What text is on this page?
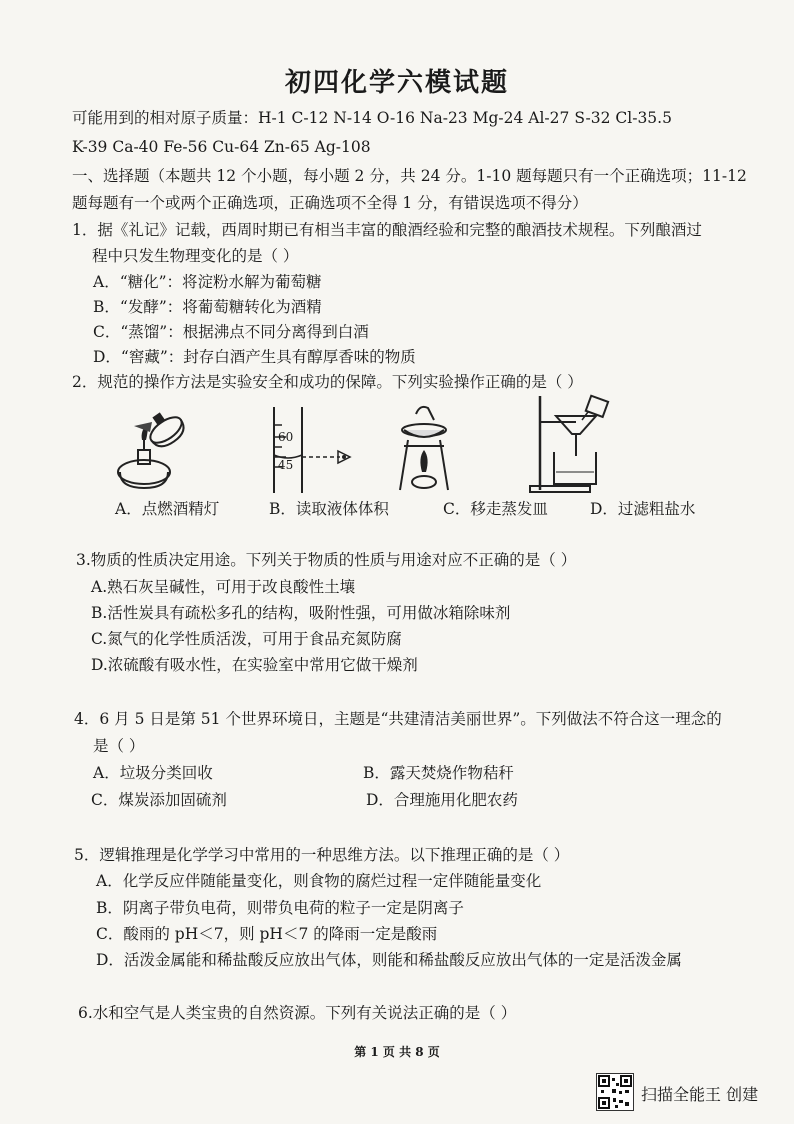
初四化学六模试题
可能用到的相对原子质量：H-1 C-12 N-14 O-16 Na-23 Mg-24 Al-27 S-32 Cl-35.5
K-39 Ca-40 Fe-56 Cu-64 Zn-65 Ag-108
一、选择题（本题共 12 个小题，每小题 2 分，共 24 分。1-10 题每题只有一个正确选项；11-12
题每题有一个或两个正确选项，正确选项不全得 1 分，有错误选项不得分）
1．据《礼记》记载，西周时期已有相当丰富的酿酒经验和完整的酿酒技术规程。下列酿酒过
程中只发生物理变化的是（ ）
A．“糖化”：将淀粉水解为葡萄糖
B．“发酵”：将葡萄糖转化为酒精
C．“蒸馏”：根据沸点不同分离得到白酒
D．“窖藏”：封存白酒产生具有醇厚香味的物质
2．规范的操作方法是实验安全和成功的保障。下列实验操作正确的是（ ）
60
45
A．点燃酒精灯	B．读取液体体积	C．移走蒸发皿	D．过滤粗盐水
3.物质的性质决定用途。下列关于物质的性质与用途对应不正确的是（ ）
A.熟石灰呈碱性，可用于改良酸性土壤
B.活性炭具有疏松多孔的结构，吸附性强，可用做冰箱除味剂
C.氮气的化学性质活泼，可用于食品充氮防腐
D.浓硫酸有吸水性，在实验室中常用它做干燥剂
4．6 月 5 日是第 51 个世界环境日，主题是“共建清洁美丽世界”。下列做法不符合这一理念的
是（ ）
A．垃圾分类回收	B．露天焚烧作物秸秆
C．煤炭添加固硫剂	D．合理施用化肥农药
5．逻辑推理是化学学习中常用的一种思维方法。以下推理正确的是（ ）
A．化学反应伴随能量变化，则食物的腐烂过程一定伴随能量变化
B．阴离子带负电荷，则带负电荷的粒子一定是阴离子
C．酸雨的 pH＜7，则 pH＜7 的降雨一定是酸雨
D．活泼金属能和稀盐酸反应放出气体，则能和稀盐酸反应放出气体的一定是活泼金属
6.水和空气是人类宝贵的自然资源。下列有关说法正确的是（ ）
第 1 页 共 8 页
扫描全能王 创建
